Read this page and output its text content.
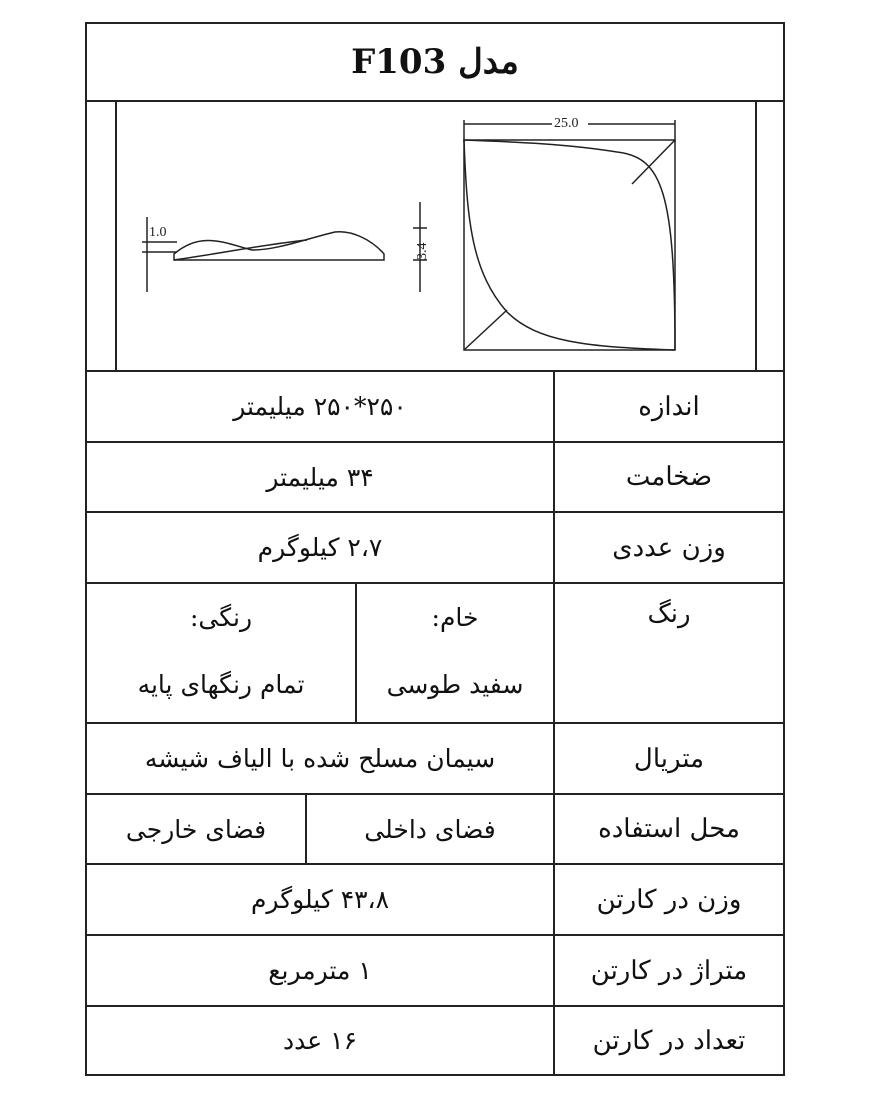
مدل F103
1.0
3.4
25.0
اندازه
۲۵۰*۲۵۰ میلیمتر
ضخامت
۳۴ میلیمتر
وزن عددی
۲،۷ کیلوگرم
رنگ
خام:
سفید طوسی
رنگی:
تمام رنگهای پایه
متریال
سیمان مسلح شده با الیاف شیشه
محل استفاده
فضای داخلی
فضای خارجی
وزن در کارتن
۴۳،۸ کیلوگرم
متراژ در کارتن
۱ مترمربع
تعداد در کارتن
۱۶ عدد
